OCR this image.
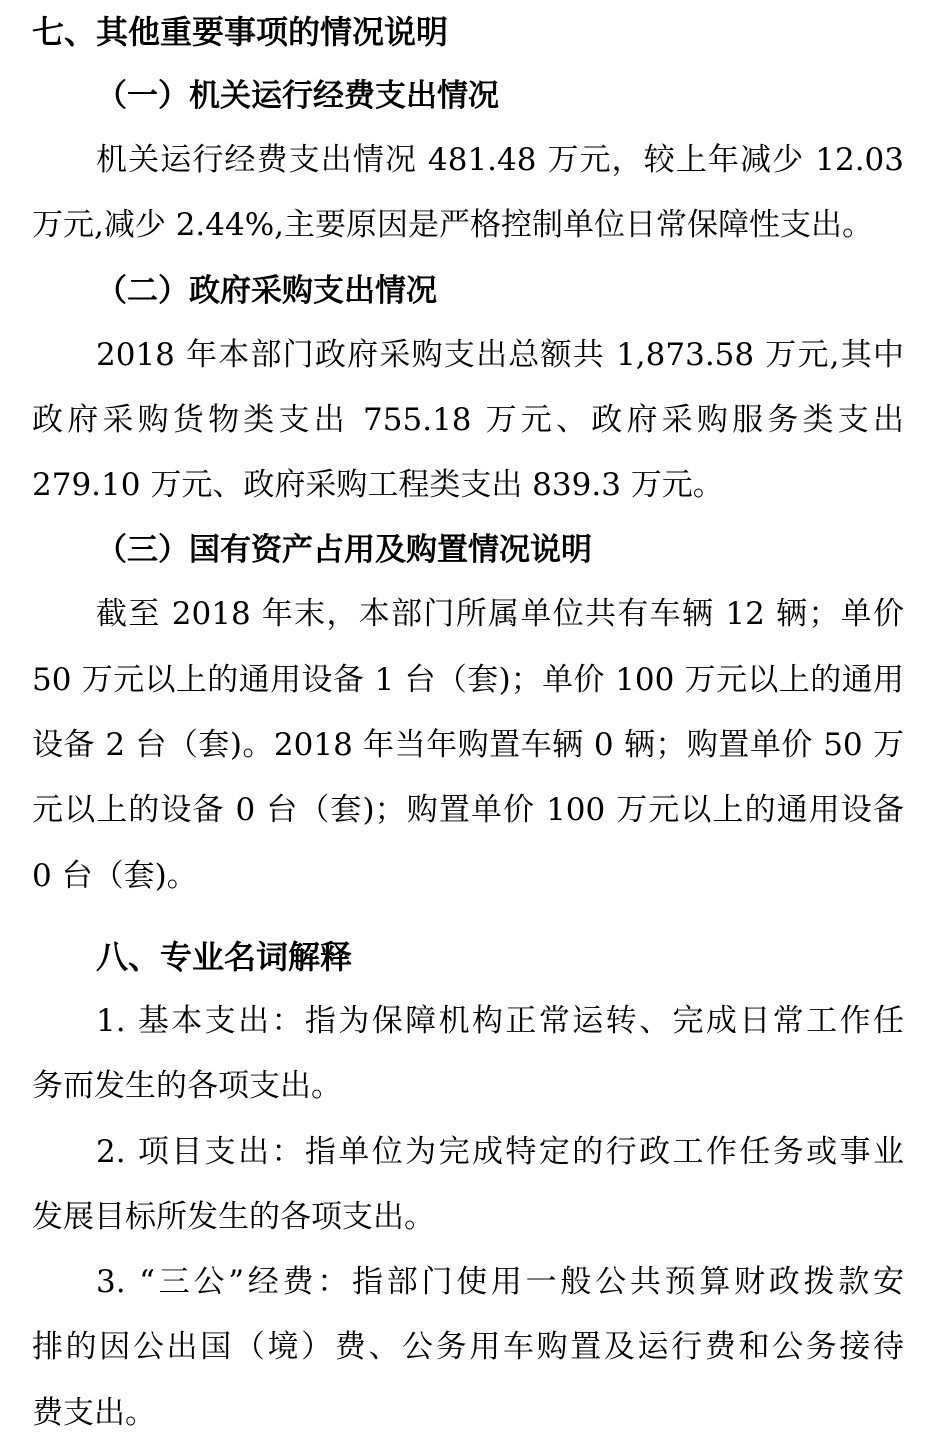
七、其他重要事项的情况说明
（一）机关运行经费支出情况

机关运行经费支出情况 481.48 万元，较上年减少 12.03
万元,减少 2.44%,主要原因是严格控制单位日常保障性支出。

（二）政府采购支出情况

2018 年本部门政府采购支出总额共 1,873.58 万元,其中
政府采购货物类支出 755.18 万元、政府采购服务类支出
279.10 万元、政府采购工程类支出 839.3 万元。

（三）国有资产占用及购置情况说明

截至 2018 年末，本部门所属单位共有车辆 12 辆；单价
50 万元以上的通用设备 1 台（套)；单价 100 万元以上的通用
设备 2 台（套)。2018 年当年购置车辆 0 辆；购置单价 50 万
元以上的设备 0 台（套)；购置单价 100 万元以上的通用设备
0 台（套)。

八、专业名词解释

1. 基本支出：指为保障机构正常运转、完成日常工作任
务而发生的各项支出。

2. 项目支出：指单位为完成特定的行政工作任务或事业
发展目标所发生的各项支出。

3. “三公”经费：指部门使用一般公共预算财政拨款安
排的因公出国（境）费、公务用车购置及运行费和公务接待
费支出。
